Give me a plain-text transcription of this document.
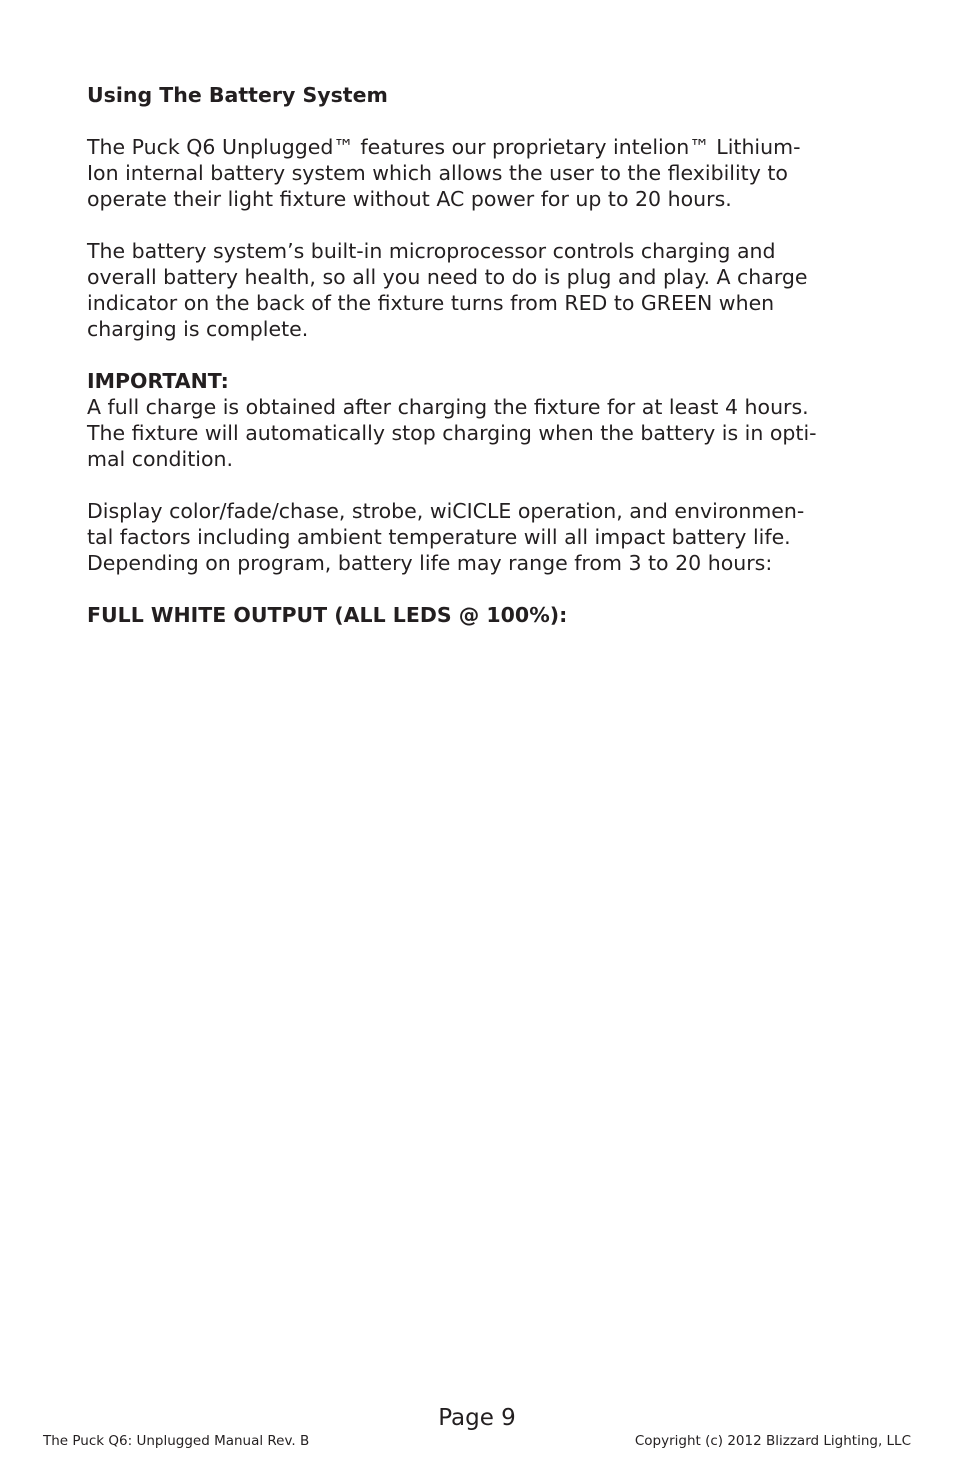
Using The Battery System

The Puck Q6 Unplugged™ features our proprietary intelion™ Lithium-
Ion internal battery system which allows the user to the flexibility to
operate their light fixture without AC power for up to 20 hours.

The battery system’s built-in microprocessor controls charging and
overall battery health, so all you need to do is plug and play. A charge
indicator on the back of the fixture turns from RED to GREEN when
charging is complete.

IMPORTANT:

A full charge is obtained after charging the fixture for at least 4 hours.
The fixture will automatically stop charging when the battery is in opti-
mal condition.

Display color/fade/chase, strobe, wiCICLE operation, and environmen-
tal factors including ambient temperature will all impact battery life.
Depending on program, battery life may range from 3 to 20 hours:

FULL WHITE OUTPUT (ALL LEDS @ 100%):
Page 9
The Puck Q6: Unplugged Manual Rev. B	Copyright (c) 2012 Blizzard Lighting, LLC
